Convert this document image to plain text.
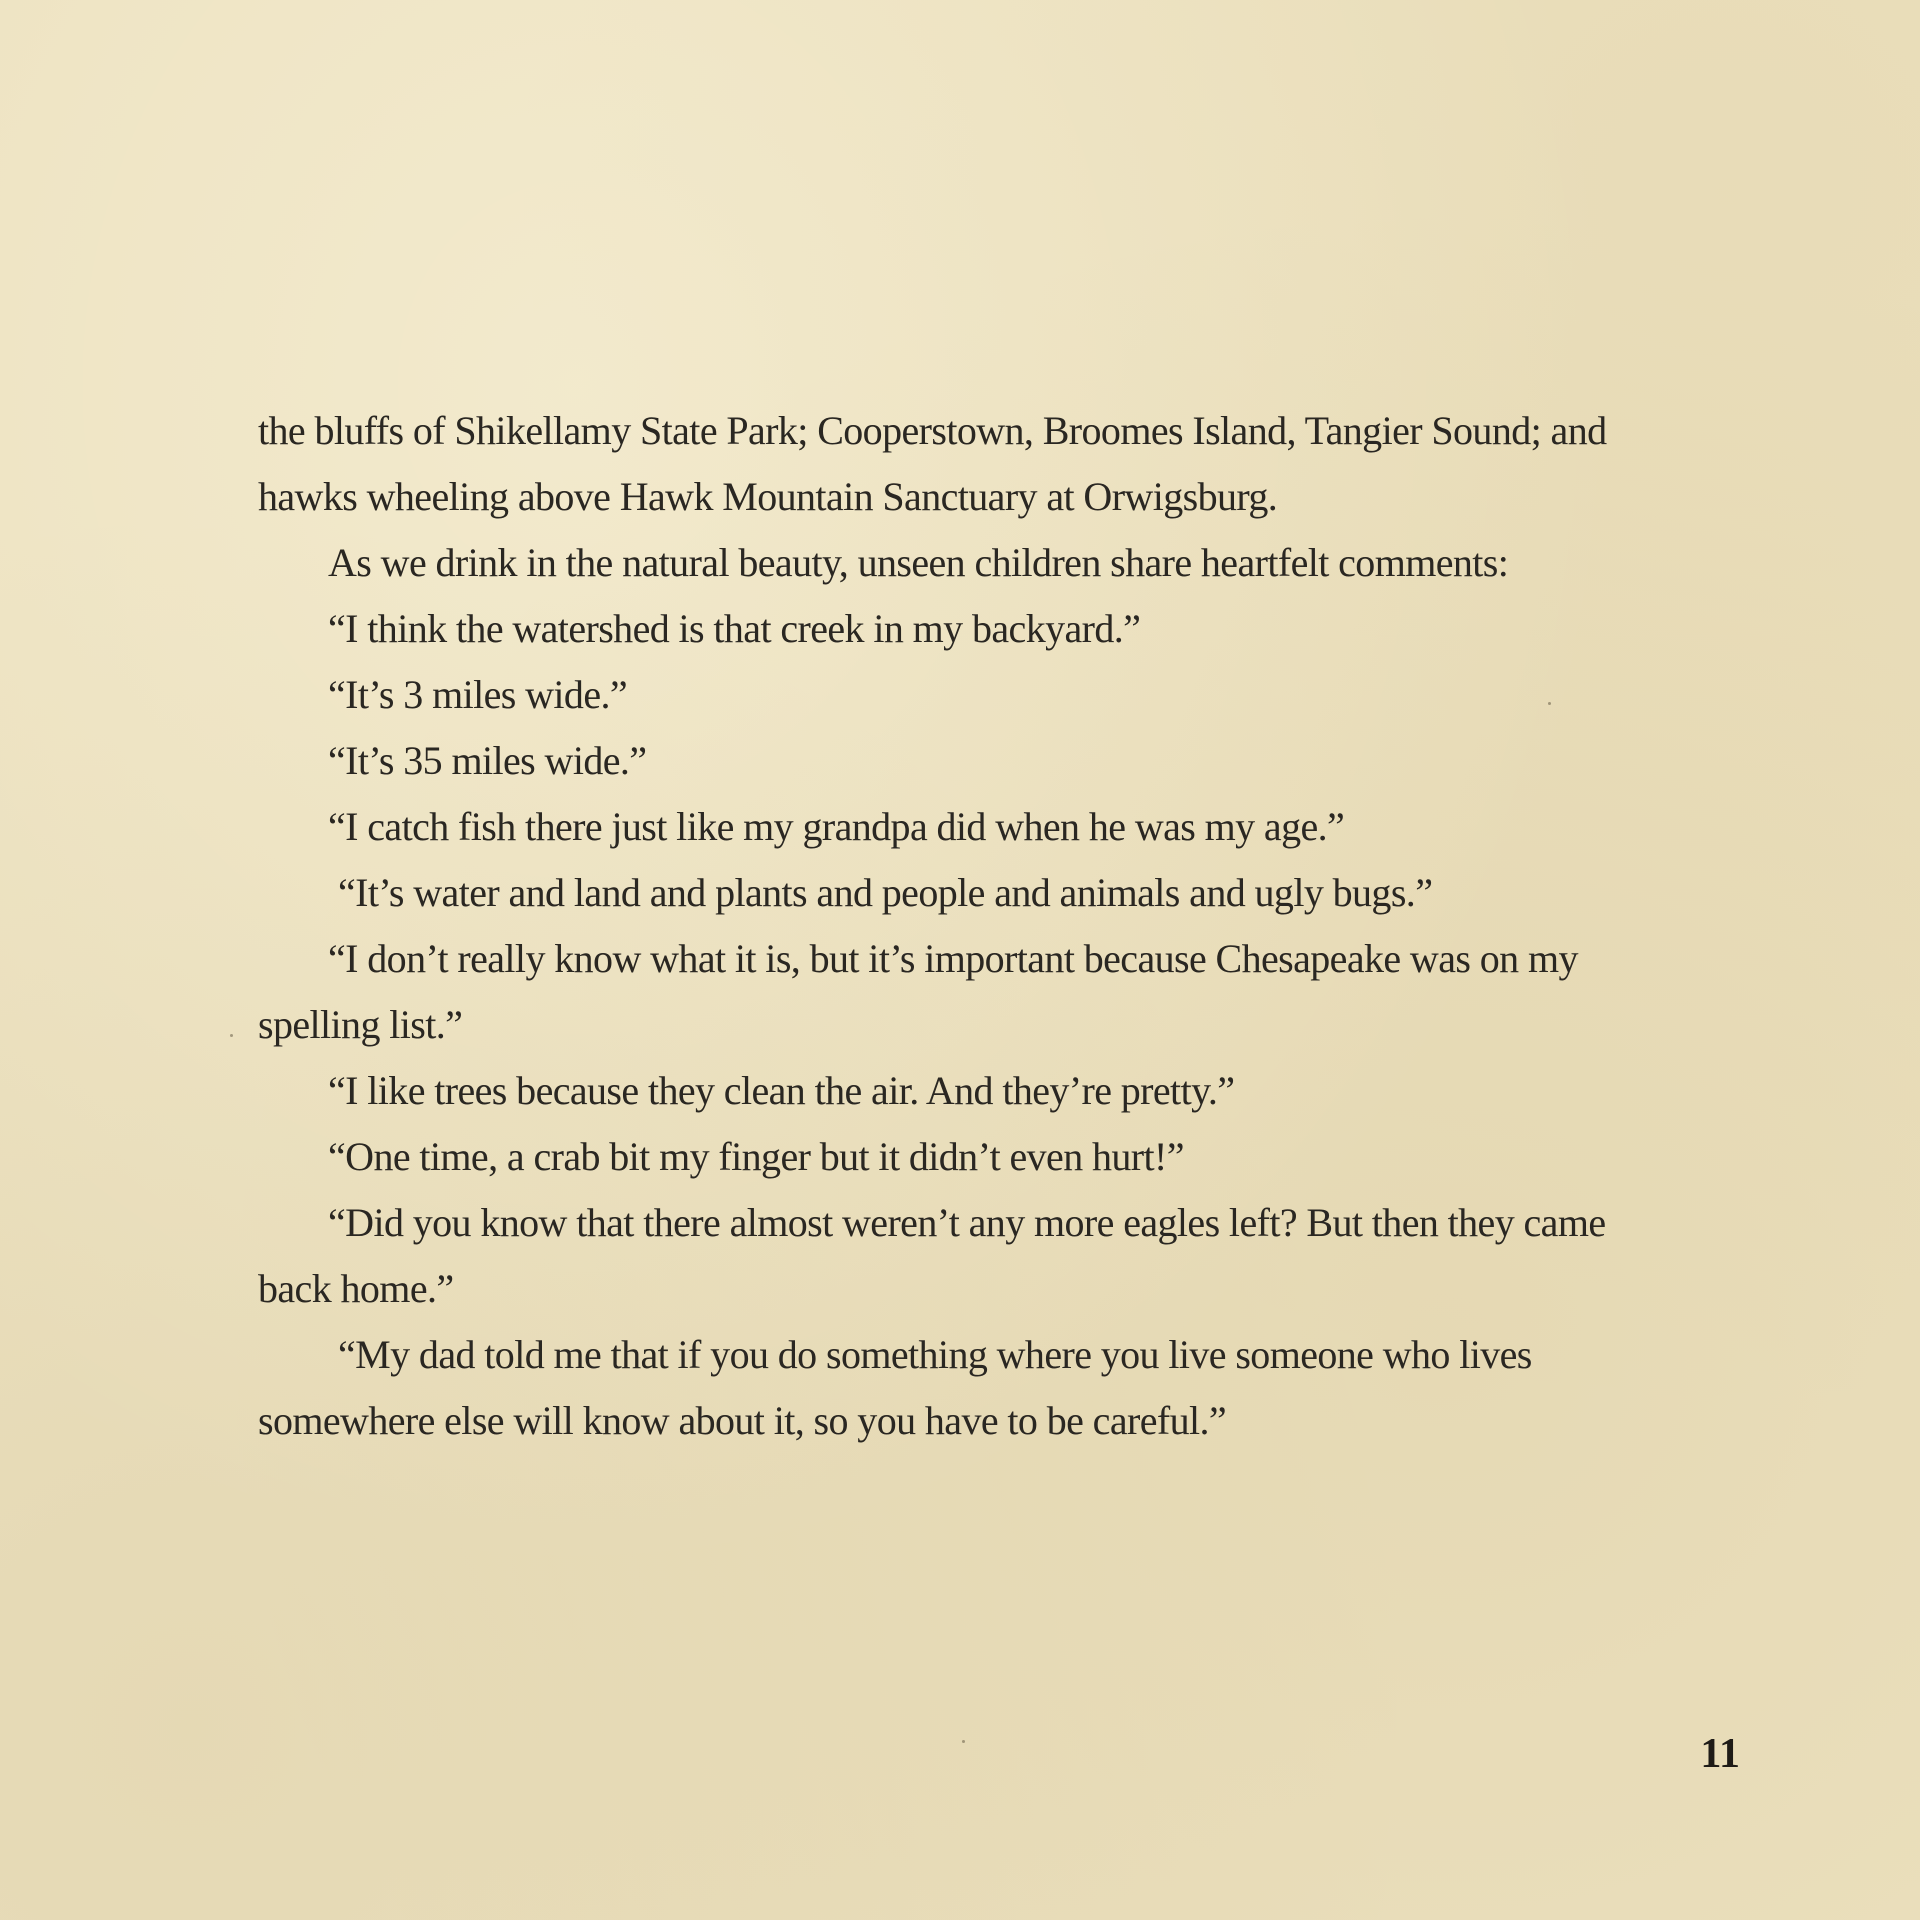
the bluffs of Shikellamy State Park; Cooperstown, Broomes Island, Tangier Sound; and hawks wheeling above Hawk Mountain Sanctuary at Orwigsburg.

As we drink in the natural beauty, unseen children share heartfelt comments:

“I think the watershed is that creek in my backyard.”

“It’s 3 miles wide.”

“It’s 35 miles wide.”

“I catch fish there just like my grandpa did when he was my age.”

“It’s water and land and plants and people and animals and ugly bugs.”

“I don’t really know what it is, but it’s important because Chesapeake was on my spelling list.”

“I like trees because they clean the air. And they’re pretty.”

“One time, a crab bit my finger but it didn’t even hurt!”

“Did you know that there almost weren’t any more eagles left? But then they came back home.”

“My dad told me that if you do something where you live someone who lives somewhere else will know about it, so you have to be careful.”

11
